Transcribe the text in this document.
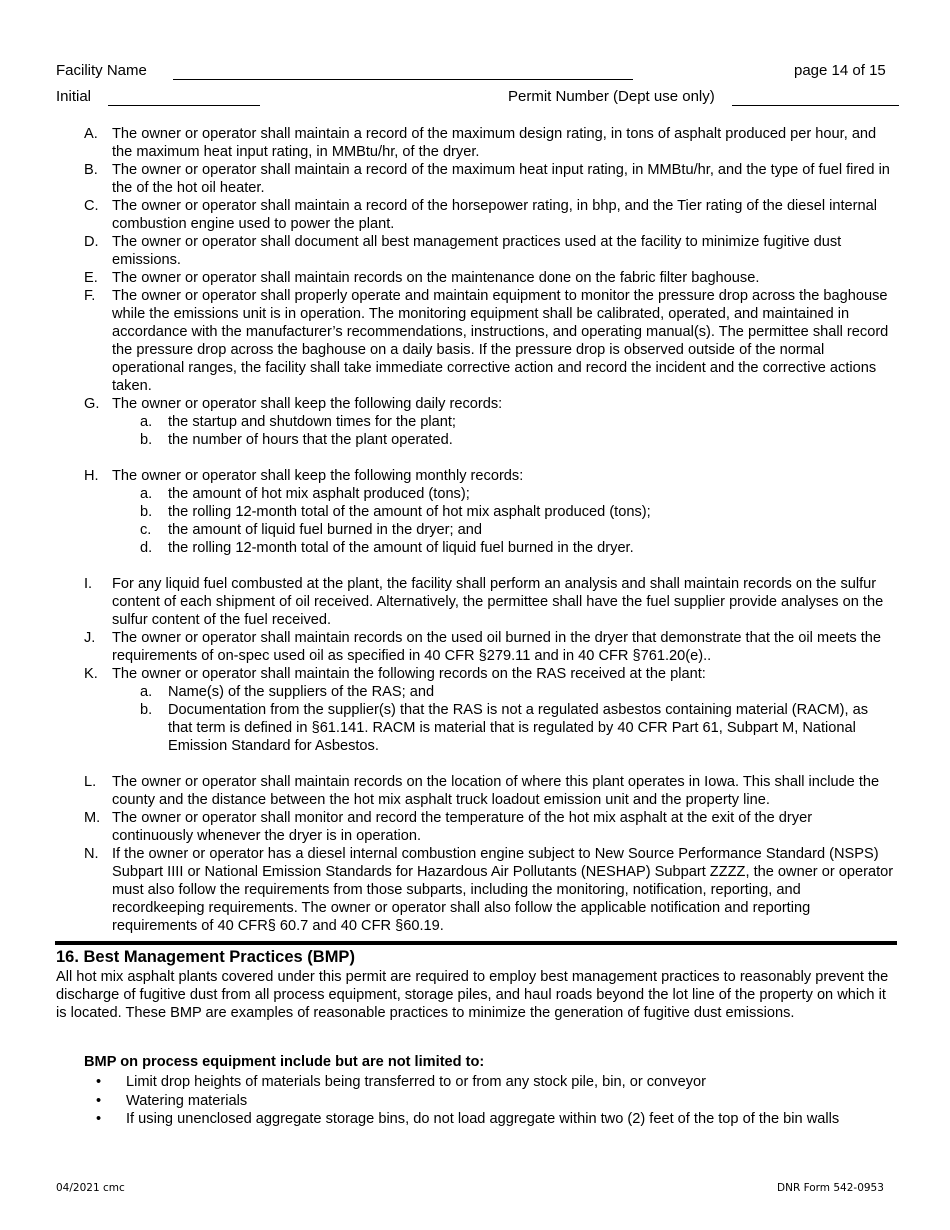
Facility Name	page 14 of 15
Initial	Permit Number (Dept use only)
A. The owner or operator shall maintain a record of the maximum design rating, in tons of asphalt produced per hour, and the maximum heat input rating, in MMBtu/hr, of the dryer.
B. The owner or operator shall maintain a record of the maximum heat input rating, in MMBtu/hr, and the type of fuel fired in the of the hot oil heater.
C. The owner or operator shall maintain a record of the horsepower rating, in bhp, and the Tier rating of the diesel internal combustion engine used to power the plant.
D. The owner or operator shall document all best management practices used at the facility to minimize fugitive dust emissions.
E. The owner or operator shall maintain records on the maintenance done on the fabric filter baghouse.
F. The owner or operator shall properly operate and maintain equipment to monitor the pressure drop across the baghouse while the emissions unit is in operation. The monitoring equipment shall be calibrated, operated, and maintained in accordance with the manufacturer’s recommendations, instructions, and operating manual(s). The permittee shall record the pressure drop across the baghouse on a daily basis. If the pressure drop is observed outside of the normal operational ranges, the facility shall take immediate corrective action and record the incident and the corrective actions taken.
G. The owner or operator shall keep the following daily records:
a. the startup and shutdown times for the plant;
b. the number of hours that the plant operated.
H. The owner or operator shall keep the following monthly records:
a. the amount of hot mix asphalt produced (tons);
b. the rolling 12-month total of the amount of hot mix asphalt produced (tons);
c. the amount of liquid fuel burned in the dryer; and
d. the rolling 12-month total of the amount of liquid fuel burned in the dryer.
I. For any liquid fuel combusted at the plant, the facility shall perform an analysis and shall maintain records on the sulfur content of each shipment of oil received. Alternatively, the permittee shall have the fuel supplier provide analyses on the sulfur content of the fuel received.
J. The owner or operator shall maintain records on the used oil burned in the dryer that demonstrate that the oil meets the requirements of on-spec used oil as specified in 40 CFR §279.11 and in 40 CFR §761.20(e)..
K. The owner or operator shall maintain the following records on the RAS received at the plant:
a. Name(s) of the suppliers of the RAS; and
b. Documentation from the supplier(s) that the RAS is not a regulated asbestos containing material (RACM), as that term is defined in §61.141. RACM is material that is regulated by 40 CFR Part 61, Subpart M, National Emission Standard for Asbestos.
L. The owner or operator shall maintain records on the location of where this plant operates in Iowa. This shall include the county and the distance between the hot mix asphalt truck loadout emission unit and the property line.
M. The owner or operator shall monitor and record the temperature of the hot mix asphalt at the exit of the dryer continuously whenever the dryer is in operation.
N. If the owner or operator has a diesel internal combustion engine subject to New Source Performance Standard (NSPS) Subpart IIII or National Emission Standards for Hazardous Air Pollutants (NESHAP) Subpart ZZZZ, the owner or operator must also follow the requirements from those subparts, including the monitoring, notification, reporting, and recordkeeping requirements. The owner or operator shall also follow the applicable notification and reporting requirements of 40 CFR§ 60.7 and 40 CFR §60.19.
16. Best Management Practices (BMP)
All hot mix asphalt plants covered under this permit are required to employ best management practices to reasonably prevent the discharge of fugitive dust from all process equipment, storage piles, and haul roads beyond the lot line of the property on which it is located. These BMP are examples of reasonable practices to minimize the generation of fugitive dust emissions.
BMP on process equipment include but are not limited to:
• Limit drop heights of materials being transferred to or from any stock pile, bin, or conveyor
• Watering materials
• If using unenclosed aggregate storage bins, do not load aggregate within two (2) feet of the top of the bin walls
04/2021 cmc	DNR Form 542-0953
